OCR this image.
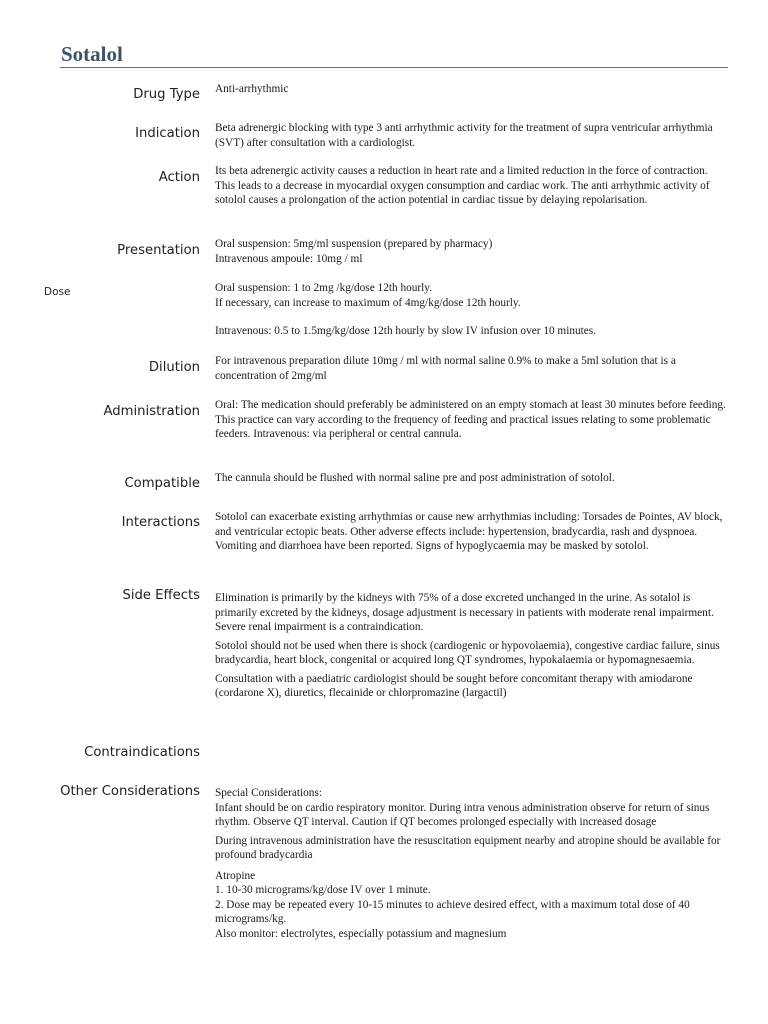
Sotalol
Drug Type Anti-arrhythmic

Indication Beta adrenergic blocking with type 3 anti arrhythmic activity for the treatment of supra ventricular arrhythmia (SVT) after consultation with a cardiologist.

Action Its beta adrenergic activity causes a reduction in heart rate and a limited reduction in the force of contraction. This leads to a decrease in myocardial oxygen consumption and cardiac work. The anti arrhythmic activity of sotolol causes a prolongation of the action potential in cardiac tissue by delaying repolarisation.

Presentation Oral suspension: 5mg/ml suspension (prepared by pharmacy)

Intravenous ampoule: 10mg / ml

Dose	Oral suspension: 1 to 2mg /kg/dose 12th hourly.

If necessary, can increase to maximum of 4mg/kg/dose 12th hourly.

Intravenous: 0.5 to 1.5mg/kg/dose 12th hourly by slow IV infusion over 10 minutes.

Dilution For intravenous preparation dilute 10mg / ml with normal saline 0.9% to make a 5ml solution that is a concentration of 2mg/ml

Administration Oral: The medication should preferably be administered on an empty stomach at least 30 minutes before feeding. This practice can vary according to the frequency of feeding and practical issues relating to some problematic feeders. Intravenous: via peripheral or central cannula.

Compatible The cannula should be flushed with normal saline pre and post administration of sotolol.

Interactions Sotolol can exacerbate existing arrhythmias or cause new arrhythmias including: Torsades de Pointes, AV block, and ventricular ectopic beats. Other adverse effects include: hypertension, bradycardia, rash and dyspnoea. Vomiting and diarrhoea have been reported. Signs of hypoglycaemia may be masked by sotolol.

Side Effects Elimination is primarily by the kidneys with 75% of a dose excreted unchanged in the urine. As sotalol is primarily excreted by the kidneys, dosage adjustment is necessary in patients with moderate renal impairment. Severe renal impairment is a contraindication.

Sotolol should not be used when there is shock (cardiogenic or hypovolaemia), congestive cardiac failure, sinus bradycardia, heart block, congenital or acquired long QT syndromes, hypokalaemia or hypomagnesaemia.

Consultation with a paediatric cardiologist should be sought before concomitant therapy with amiodarone (cordarone X), diuretics, flecainide or chlorpromazine (largactil)

Contraindications
Other Considerations Special Considerations:

Infant should be on cardio respiratory monitor. During intra venous administration observe for return of sinus rhythm. Observe QT interval. Caution if QT becomes prolonged especially with increased dosage

During intravenous administration have the resuscitation equipment nearby and atropine should be available for profound bradycardia

Atropine

1. 10-30 micrograms/kg/dose IV over 1 minute.

2. Dose may be repeated every 10-15 minutes to achieve desired effect, with a maximum total dose of 40 micrograms/kg.

Also monitor: electrolytes, especially potassium and magnesium
